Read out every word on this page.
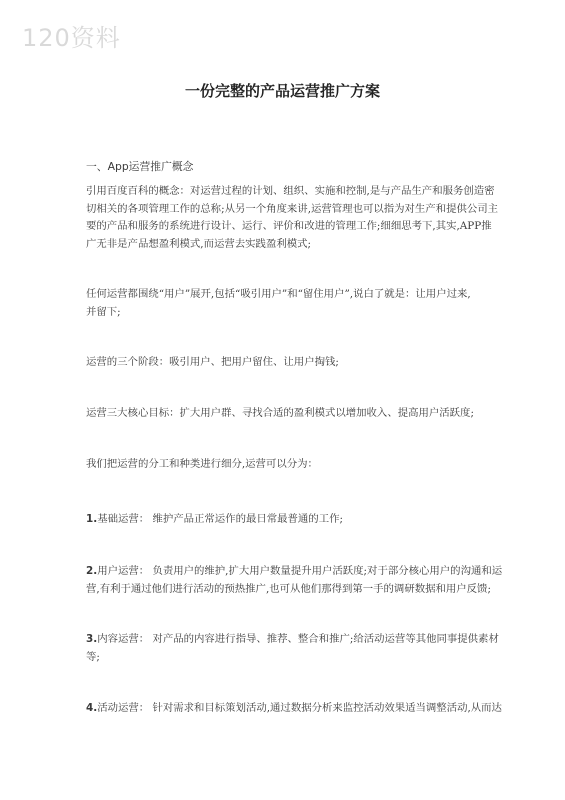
120资料
一份完整的产品运营推广方案
一、App运营推广概念
引用百度百科的概念：对运营过程的计划、组织、实施和控制,是与产品生产和服务创造密
切相关的各项管理工作的总称;从另一个角度来讲,运营管理也可以指为对生产和提供公司主
要的产品和服务的系统进行设计、运行、评价和改进的管理工作;细细思考下,其实,APP推
广无非是产品想盈利模式,而运营去实践盈利模式;
任何运营都围绕“用户”展开,包括“吸引用户”和“留住用户”,说白了就是：让用户过来,
并留下;
运营的三个阶段：吸引用户、把用户留住、让用户掏钱;
运营三大核心目标：扩大用户群、寻找合适的盈利模式以增加收入、提高用户活跃度;
我们把运营的分工和种类进行细分,运营可以分为：
1.基础运营： 维护产品正常运作的最日常最普通的工作;
2.用户运营： 负责用户的维护,扩大用户数量提升用户活跃度;对于部分核心用户的沟通和运
营,有利于通过他们进行活动的预热推广,也可从他们那得到第一手的调研数据和用户反馈;
3.内容运营： 对产品的内容进行指导、推荐、整合和推广;给活动运营等其他同事提供素材
等;
4.活动运营： 针对需求和目标策划活动,通过数据分析来监控活动效果适当调整活动,从而达
